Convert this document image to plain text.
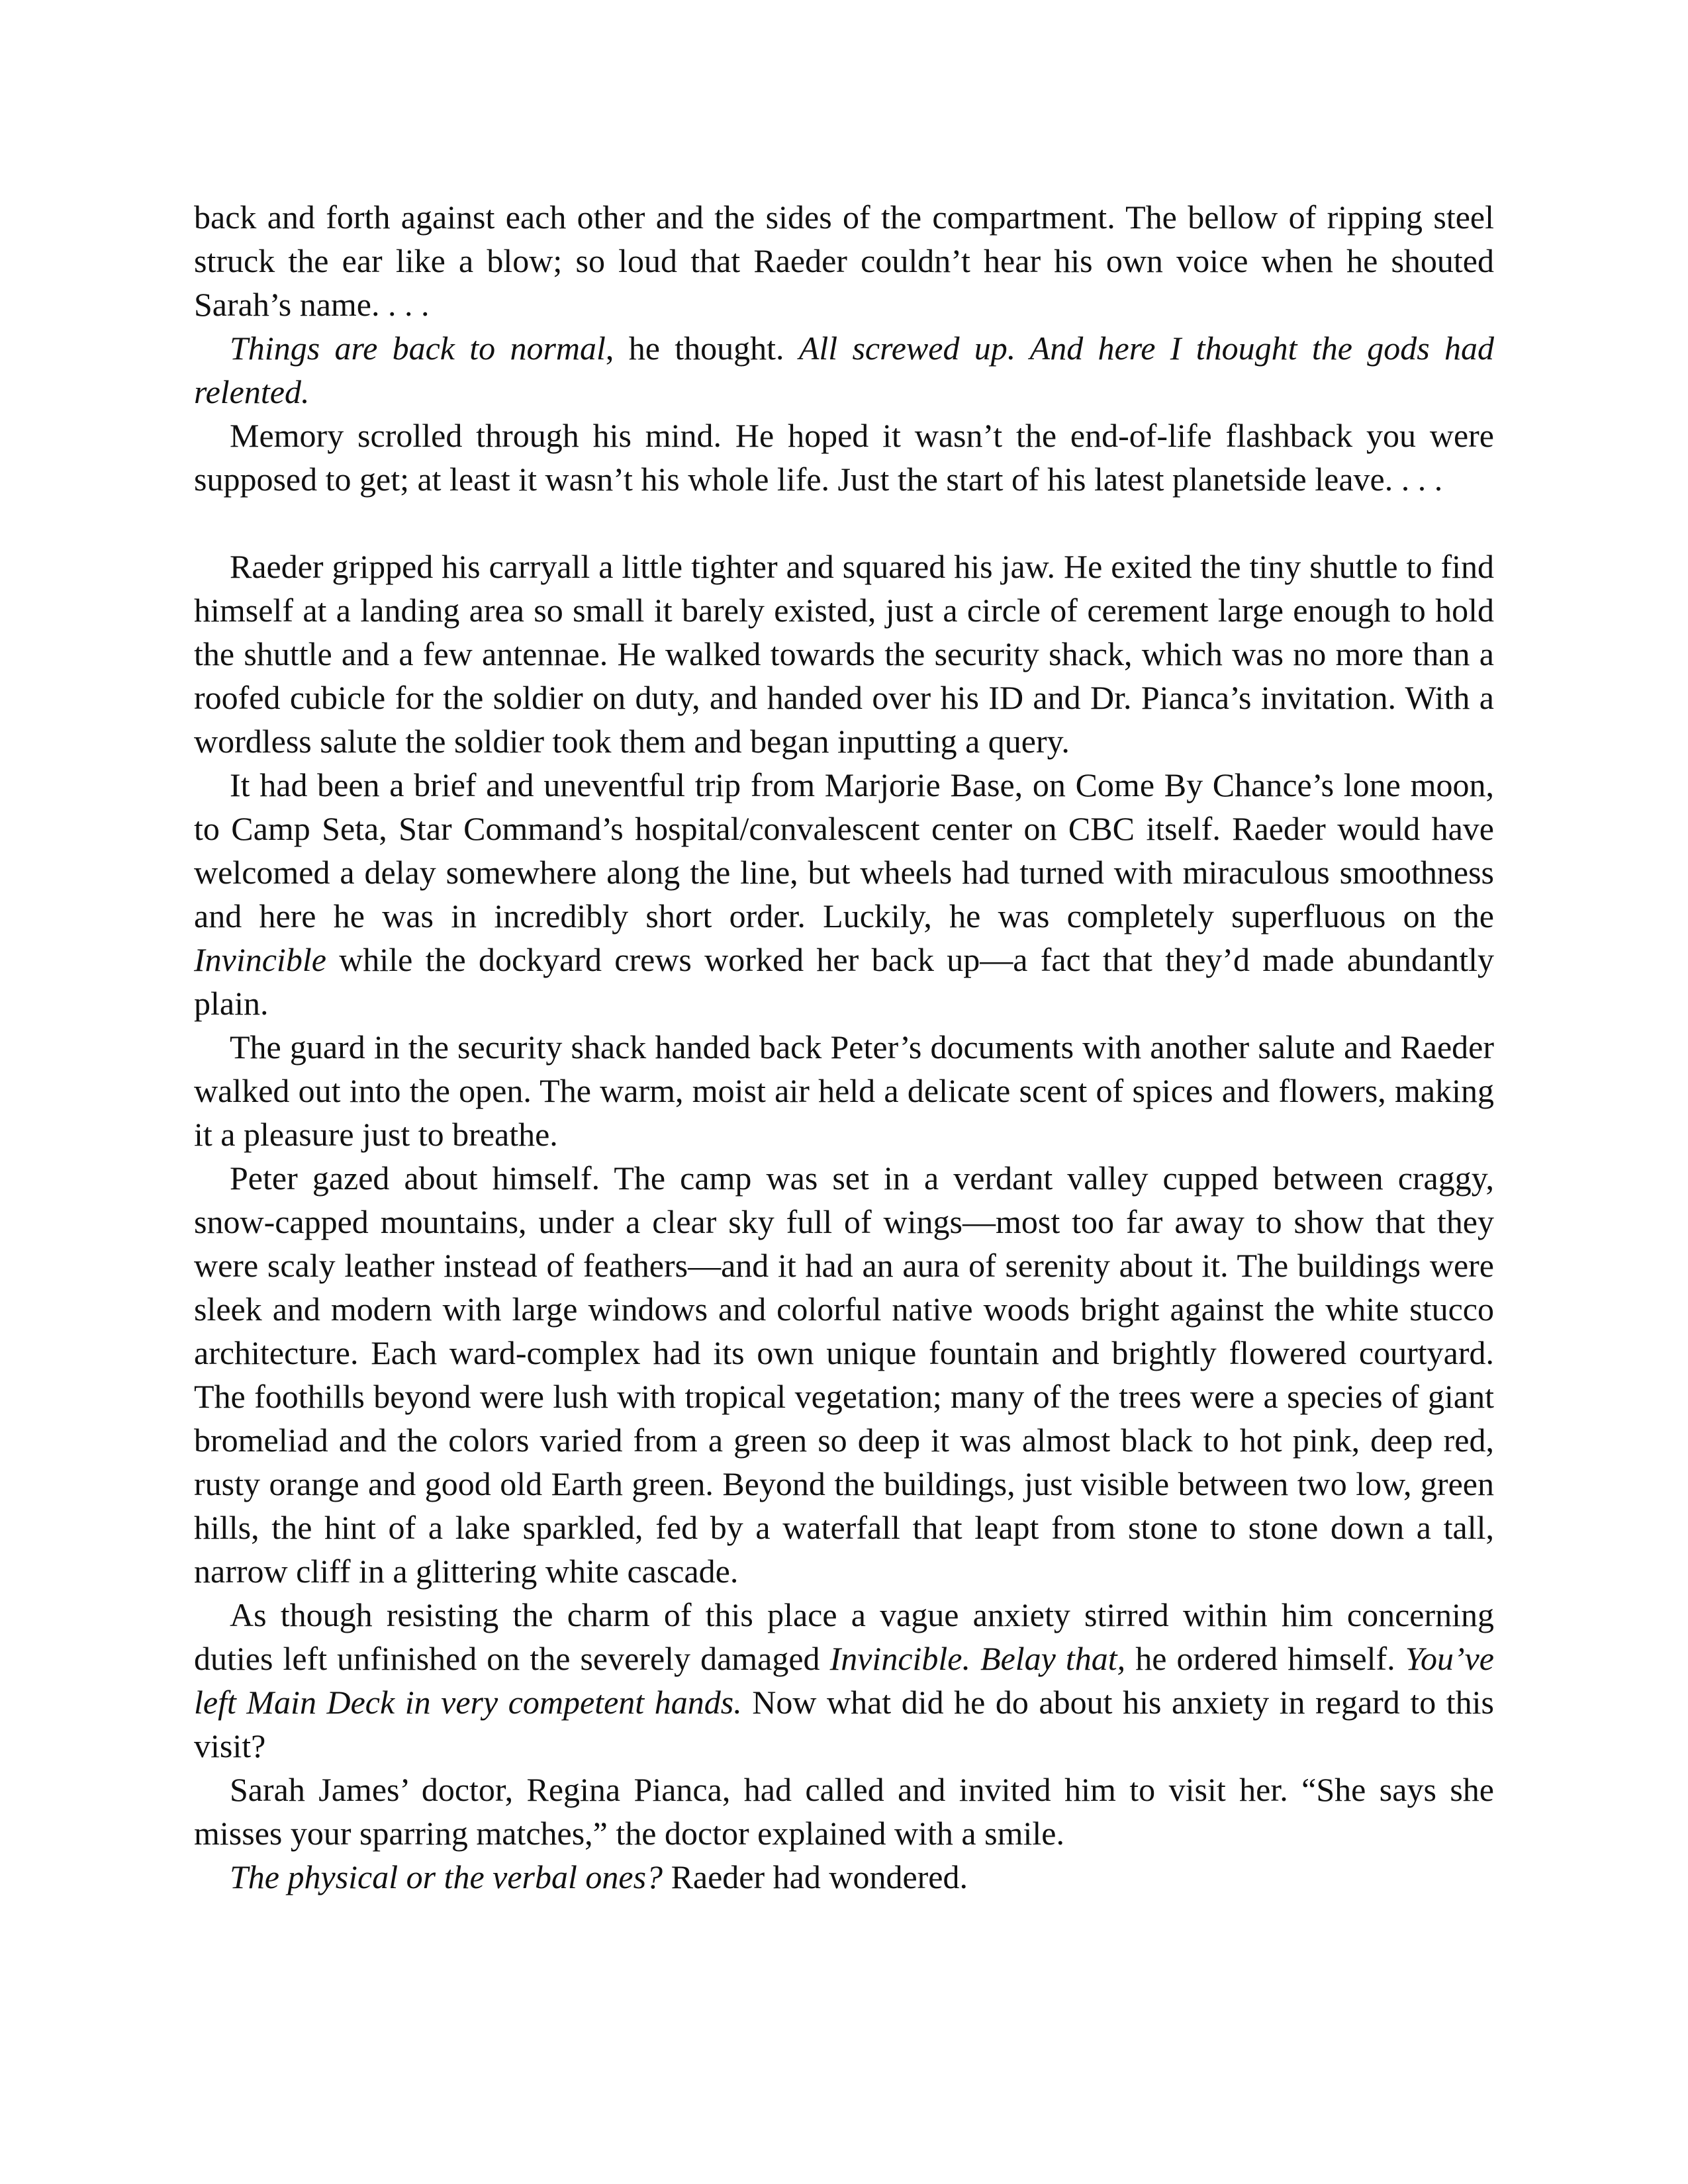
back and forth against each other and the sides of the compartment. The bellow of ripping steel struck the ear like a blow; so loud that Raeder couldn’t hear his own voice when he shouted Sarah’s name. . . .

Things are back to normal, he thought. All screwed up. And here I thought the gods had relented.

Memory scrolled through his mind. He hoped it wasn’t the end-of-life flashback you were supposed to get; at least it wasn’t his whole life. Just the start of his latest planetside leave. . . .

Raeder gripped his carryall a little tighter and squared his jaw. He exited the tiny shuttle to find himself at a landing area so small it barely existed, just a circle of cerement large enough to hold the shuttle and a few antennae. He walked towards the security shack, which was no more than a roofed cubicle for the soldier on duty, and handed over his ID and Dr. Pianca’s invitation. With a wordless salute the soldier took them and began inputting a query.

It had been a brief and uneventful trip from Marjorie Base, on Come By Chance’s lone moon, to Camp Seta, Star Command’s hospital/convalescent center on CBC itself. Raeder would have welcomed a delay somewhere along the line, but wheels had turned with miraculous smoothness and here he was in incredibly short order. Luckily, he was completely superfluous on the Invincible while the dockyard crews worked her back up—a fact that they’d made abundantly plain.

The guard in the security shack handed back Peter’s documents with another salute and Raeder walked out into the open. The warm, moist air held a delicate scent of spices and flowers, making it a pleasure just to breathe.

Peter gazed about himself. The camp was set in a verdant valley cupped between craggy, snow-capped mountains, under a clear sky full of wings—most too far away to show that they were scaly leather instead of feathers—and it had an aura of serenity about it. The buildings were sleek and modern with large windows and colorful native woods bright against the white stucco architecture. Each ward-complex had its own unique fountain and brightly flowered courtyard. The foothills beyond were lush with tropical vegetation; many of the trees were a species of giant bromeliad and the colors varied from a green so deep it was almost black to hot pink, deep red, rusty orange and good old Earth green. Beyond the buildings, just visible between two low, green hills, the hint of a lake sparkled, fed by a waterfall that leapt from stone to stone down a tall, narrow cliff in a glittering white cascade.

As though resisting the charm of this place a vague anxiety stirred within him concerning duties left unfinished on the severely damaged Invincible. Belay that, he ordered himself. You’ve left Main Deck in very competent hands. Now what did he do about his anxiety in regard to this visit?

Sarah James’ doctor, Regina Pianca, had called and invited him to visit her. “She says she misses your sparring matches,” the doctor explained with a smile.

The physical or the verbal ones? Raeder had wondered.
